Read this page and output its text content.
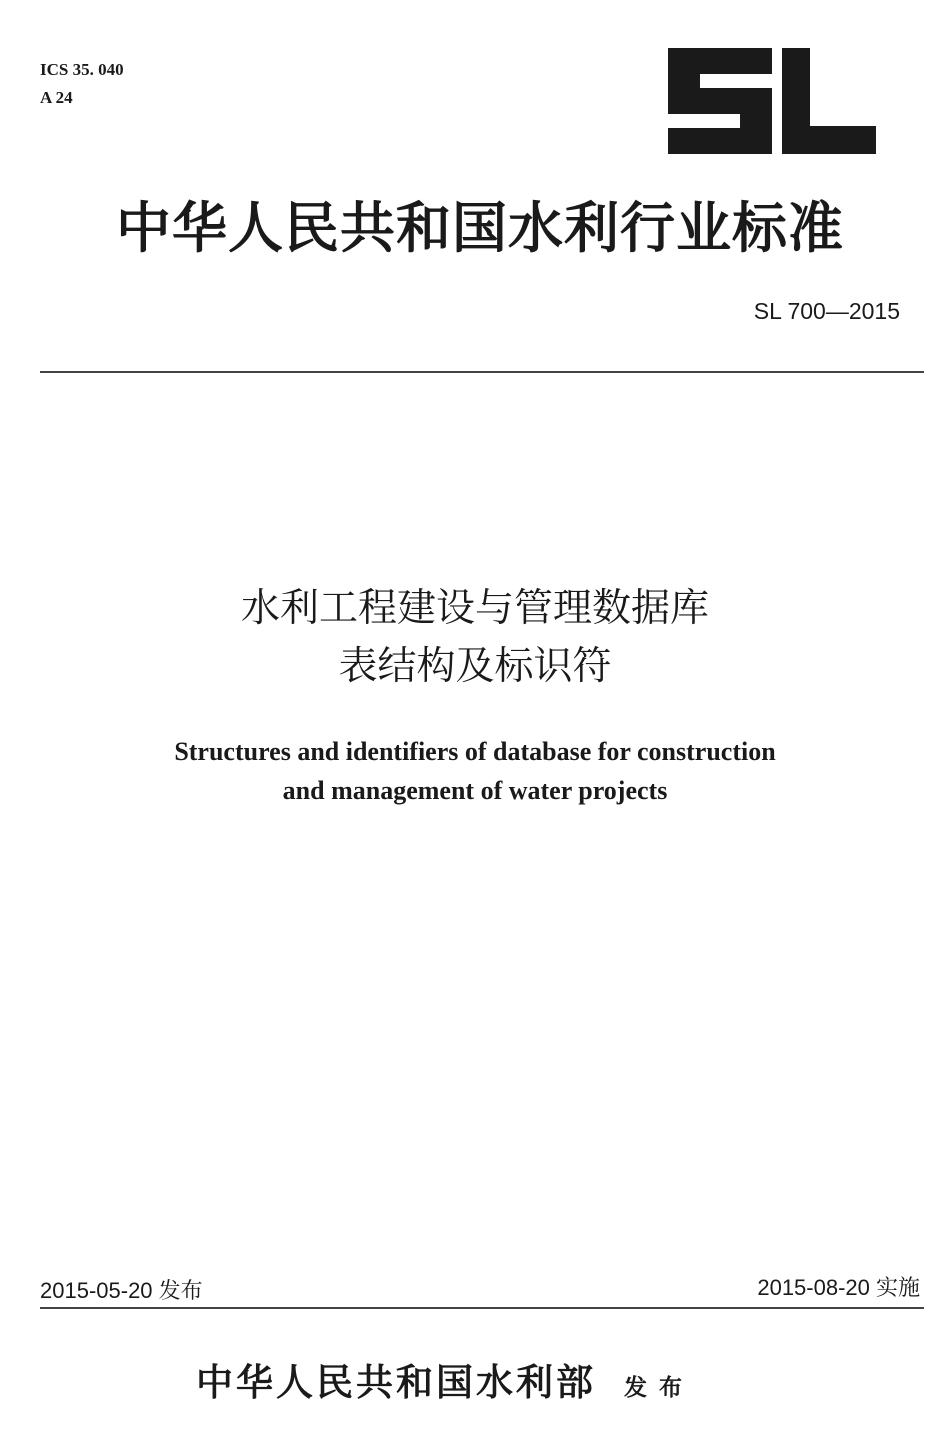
ICS 35. 040
A 24
中华人民共和国水利行业标准
SL 700—2015
水利工程建设与管理数据库
表结构及标识符
Structures and identifiers of database for construction
and management of water projects
2015-05-20 发布	2015-08-20 实施
中华人民共和国水利部 发布
